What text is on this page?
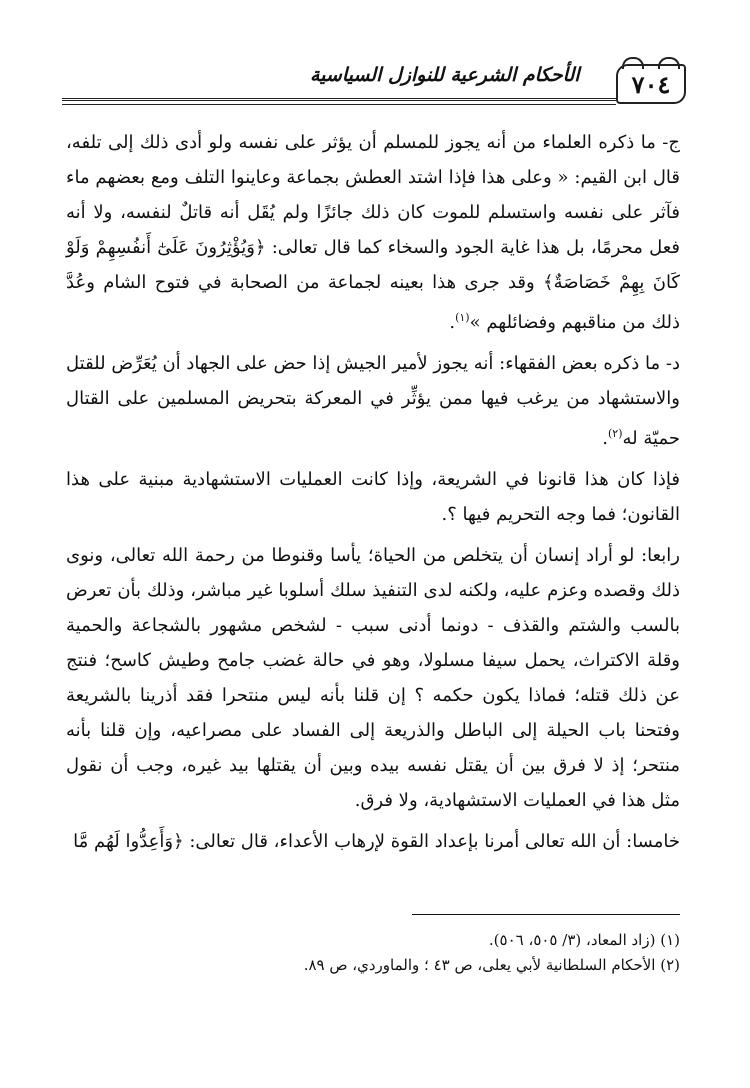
٧٠٤
الأحكام الشرعية للنوازل السياسية

ج- ما ذكره العلماء من أنه يجوز للمسلم أن يؤثر على نفسه ولو أدى ذلك إلى تلفه، قال ابن القيم: « وعلى هذا فإذا اشتد العطش بجماعة وعاينوا التلف ومع بعضهم ماء فآثر على نفسه واستسلم للموت كان ذلك جائزًا ولم يُقَل أنه قاتلٌ لنفسه، ولا أنه فعل محرمًا، بل هذا غاية الجود والسخاء كما قال تعالى: ﴿وَيُؤْثِرُونَ عَلَىٰٓ أَنفُسِهِمْ وَلَوْ كَانَ بِهِمْ خَصَاصَةٌ﴾ وقد جرى هذا بعينه لجماعة من الصحابة في فتوح الشام وعُدَّ ذلك من مناقبهم وفضائلهم »$^{(١)}$.

د- ما ذكره بعض الفقهاء: أنه يجوز لأمير الجيش إذا حض على الجهاد أن يُعَرِّض للقتل والاستشهاد من يرغب فيها ممن يؤثِّر في المعركة بتحريض المسلمين على القتال حميّة له$^{(٢)}$.

فإذا كان هذا قانونا في الشريعة، وإذا كانت العمليات الاستشهادية مبنية على هذا القانون؛ فما وجه التحريم فيها ؟.

رابعا: لو أراد إنسان أن يتخلص من الحياة؛ يأسا وقنوطا من رحمة الله تعالى، ونوى ذلك وقصده وعزم عليه، ولكنه لدى التنفيذ سلك أسلوبا غير مباشر، وذلك بأن تعرض بالسب والشتم والقذف - دونما أدنى سبب - لشخص مشهور بالشجاعة والحمية وقلة الاكتراث، يحمل سيفا مسلولا، وهو في حالة غضب جامح وطيش كاسح؛ فنتج عن ذلك قتله؛ فماذا يكون حكمه ؟ إن قلنا بأنه ليس منتحرا فقد أذرينا بالشريعة وفتحنا باب الحيلة إلى الباطل والذريعة إلى الفساد على مصراعيه، وإن قلنا بأنه منتحر؛ إذ لا فرق بين أن يقتل نفسه بيده وبين أن يقتلها بيد غيره، وجب أن نقول مثل هذا في العمليات الاستشهادية، ولا فرق.

خامسا: أن الله تعالى أمرنا بإعداد القوة لإرهاب الأعداء، قال تعالى: ﴿وَأَعِدُّوا لَهُم مَّا

(١) (زاد المعاد، (٣/ ٥٠٥، ٥٠٦).

(٢) الأحكام السلطانية لأبي يعلى، ص ٤٣ ؛ والماوردي، ص ٨٩.
